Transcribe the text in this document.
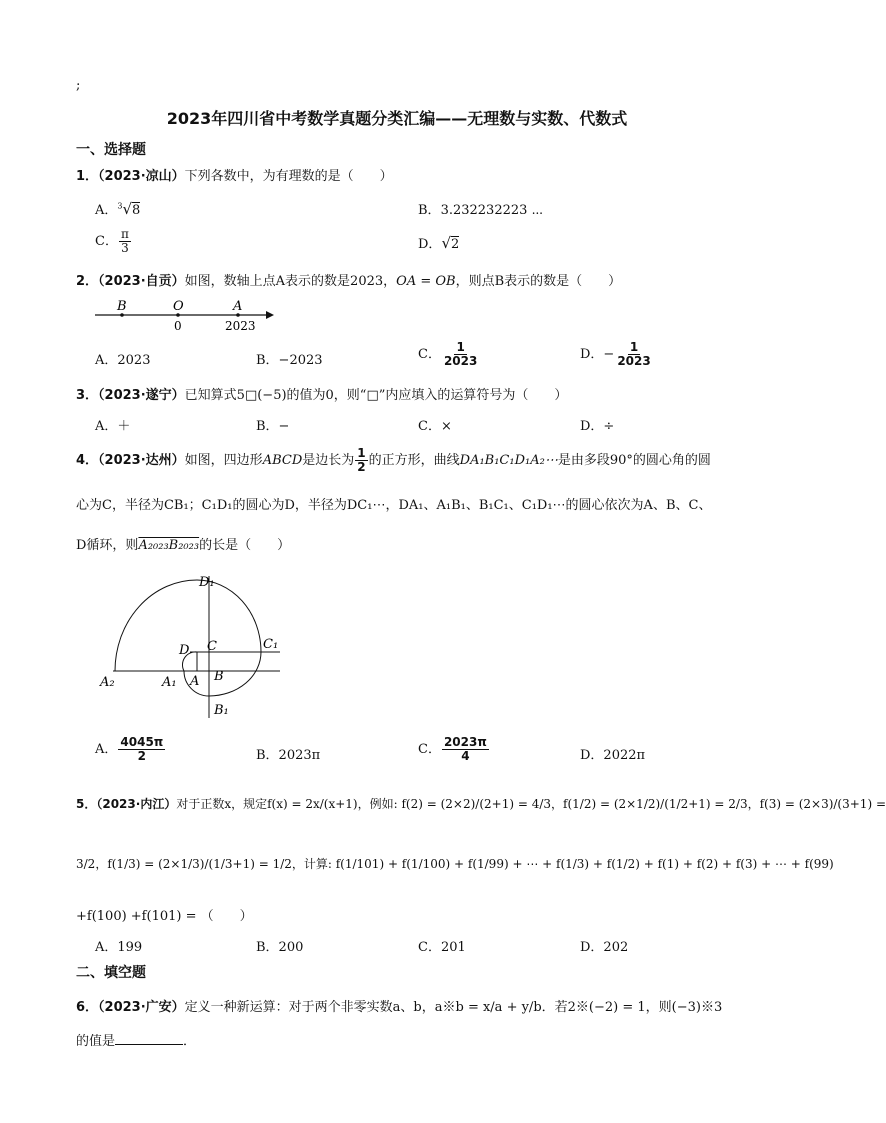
;
2023年四川省中考数学真题分类汇编——无理数与实数、代数式
一、选择题
1．（2023·凉山）下列各数中，为有理数的是（　　）
A．$^3$√8	B．3.232232223 ⋯
C． $\frac{\pi}{3}$	D．√2
2．（2023·自贡）如图，数轴上点A表示的数是2023，OA = OB，则点B表示的数是（　　）
B	O	A
0	2023
A．2023	B．−2023	C． $\frac{1}{2023}$	D．− $\frac{1}{2023}$
3．（2023·遂宁）已知算式5□(−5)的值为0，则“□”内应填入的运算符号为（　　）
A．＋	B．−	C．×	D．÷
4．（2023·达州）如图，四边形ABCD是边长为 $\frac{1}{2}$ 的正方形，曲线DA₁B₁C₁D₁A₂⋯是由多段90°的圆心角的圆
心为C，半径为CB₁；C₁D₁的圆心为D，半径为DC₁⋯，DA₁、A₁B₁、B₁C₁、C₁D₁⋯的圆心依次为A、B、C、
D循环，则A₂₀₂₃B₂₀₂₃的长是（　　）
D₁
C₁
D C
A₂	A₁ A B
B₁
A． $\frac{4045\pi}{2}$	B．2023π	C． $\frac{2023\pi}{4}$	D．2022π
5．（2023·内江）对于正数x，规定f(x) = 2x/(x+1)，例如: f(2) = (2×2)/(2+1) = 4/3，f(1/2) = (2×1/2)/(1/2+1) = 2/3，f(3) = (2×3)/(3+1) =
3/2，f(1/3) = (2×1/3)/(1/3+1) = 1/2，计算: f(1/101) + f(1/100) + f(1/99) + ⋯ + f(1/3) + f(1/2) + f(1) + f(2) + f(3) + ⋯ + f(99)
+f(100) +f(101) = （　　）
A．199	B．200	C．201	D．202
二、填空题
6．（2023·广安）定义一种新运算：对于两个非零实数a、b，a※b = x/a + y/b．若2※(−2) = 1，则(−3)※3
的值是	．
